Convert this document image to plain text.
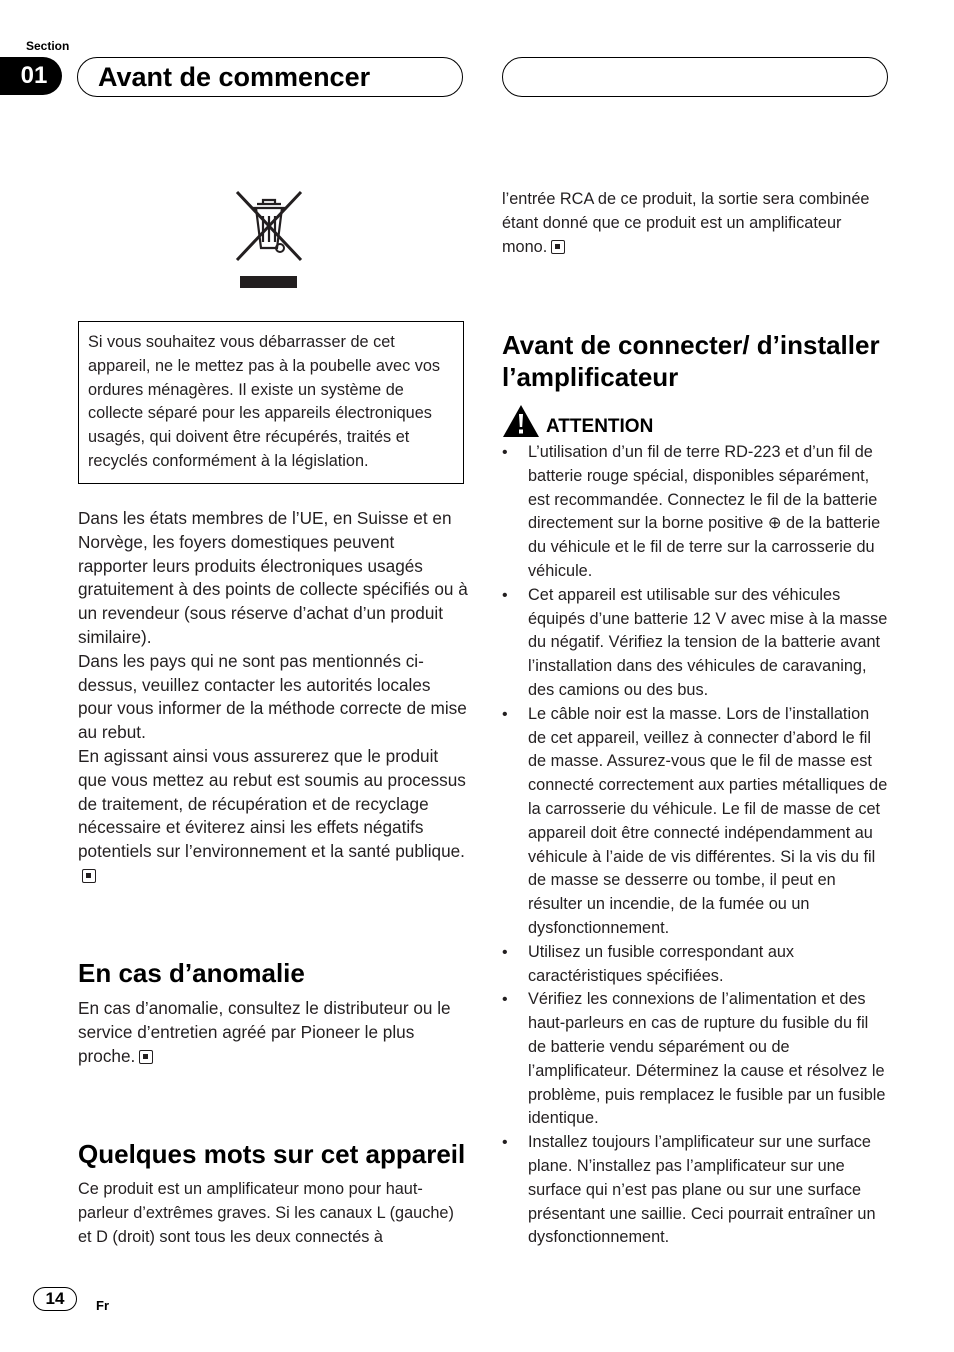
Section
01	Avant de commencer

Si vous souhaitez vous débarrasser de cet appareil, ne le mettez pas à la poubelle avec vos ordures ménagères. Il existe un système de collecte séparé pour les appareils électroniques usagés, qui doivent être récupérés, traités et recyclés conformément à la législation.

Dans les états membres de l’UE, en Suisse et en Norvège, les foyers domestiques peuvent rapporter leurs produits électroniques usagés gratuitement à des points de collecte spécifiés ou à un revendeur (sous réserve d’achat d’un produit similaire).

Dans les pays qui ne sont pas mentionnés ci-dessus, veuillez contacter les autorités locales pour vous informer de la méthode correcte de mise au rebut.

En agissant ainsi vous assurerez que le produit que vous mettez au rebut est soumis au processus de traitement, de récupération et de recyclage nécessaire et éviterez ainsi les effets négatifs potentiels sur l’environnement et la santé publique.

En cas d’anomalie

En cas d’anomalie, consultez le distributeur ou le service d’entretien agréé par Pioneer le plus proche.

Quelques mots sur cet appareil

Ce produit est un amplificateur mono pour haut-parleur d’extrêmes graves. Si les canaux L (gauche) et D (droit) sont tous les deux connectés à

l’entrée RCA de ce produit, la sortie sera combinée étant donné que ce produit est un amplificateur mono.

Avant de connecter/ d’installer l’amplificateur
ATTENTION
• L’utilisation d’un fil de terre RD-223 et d’un fil de batterie rouge spécial, disponibles séparément, est recommandée. Connectez le fil de la batterie directement sur la borne positive ⊕ de la batterie du véhicule et le fil de terre sur la carrosserie du véhicule.
• Cet appareil est utilisable sur des véhicules équipés d’une batterie 12 V avec mise à la masse du négatif. Vérifiez la tension de la batterie avant l’installation dans des véhicules de caravaning, des camions ou des bus.
• Le câble noir est la masse. Lors de l’installation de cet appareil, veillez à connecter d’abord le fil de masse. Assurez-vous que le fil de masse est connecté correctement aux parties métalliques de la carrosserie du véhicule. Le fil de masse de cet appareil doit être connecté indépendamment au véhicule à l’aide de vis différentes. Si la vis du fil de masse se desserre ou tombe, il peut en résulter un incendie, de la fumée ou un dysfonctionnement.
• Utilisez un fusible correspondant aux caractéristiques spécifiées.
• Vérifiez les connexions de l’alimentation et des haut-parleurs en cas de rupture du fusible du fil de batterie vendu séparément ou de l’amplificateur. Déterminez la cause et résolvez le problème, puis remplacez le fusible par un fusible identique.
• Installez toujours l’amplificateur sur une surface plane. N’installez pas l’amplificateur sur une surface qui n’est pas plane ou sur une surface présentant une saillie. Ceci pourrait entraîner un dysfonctionnement.
14	Fr
